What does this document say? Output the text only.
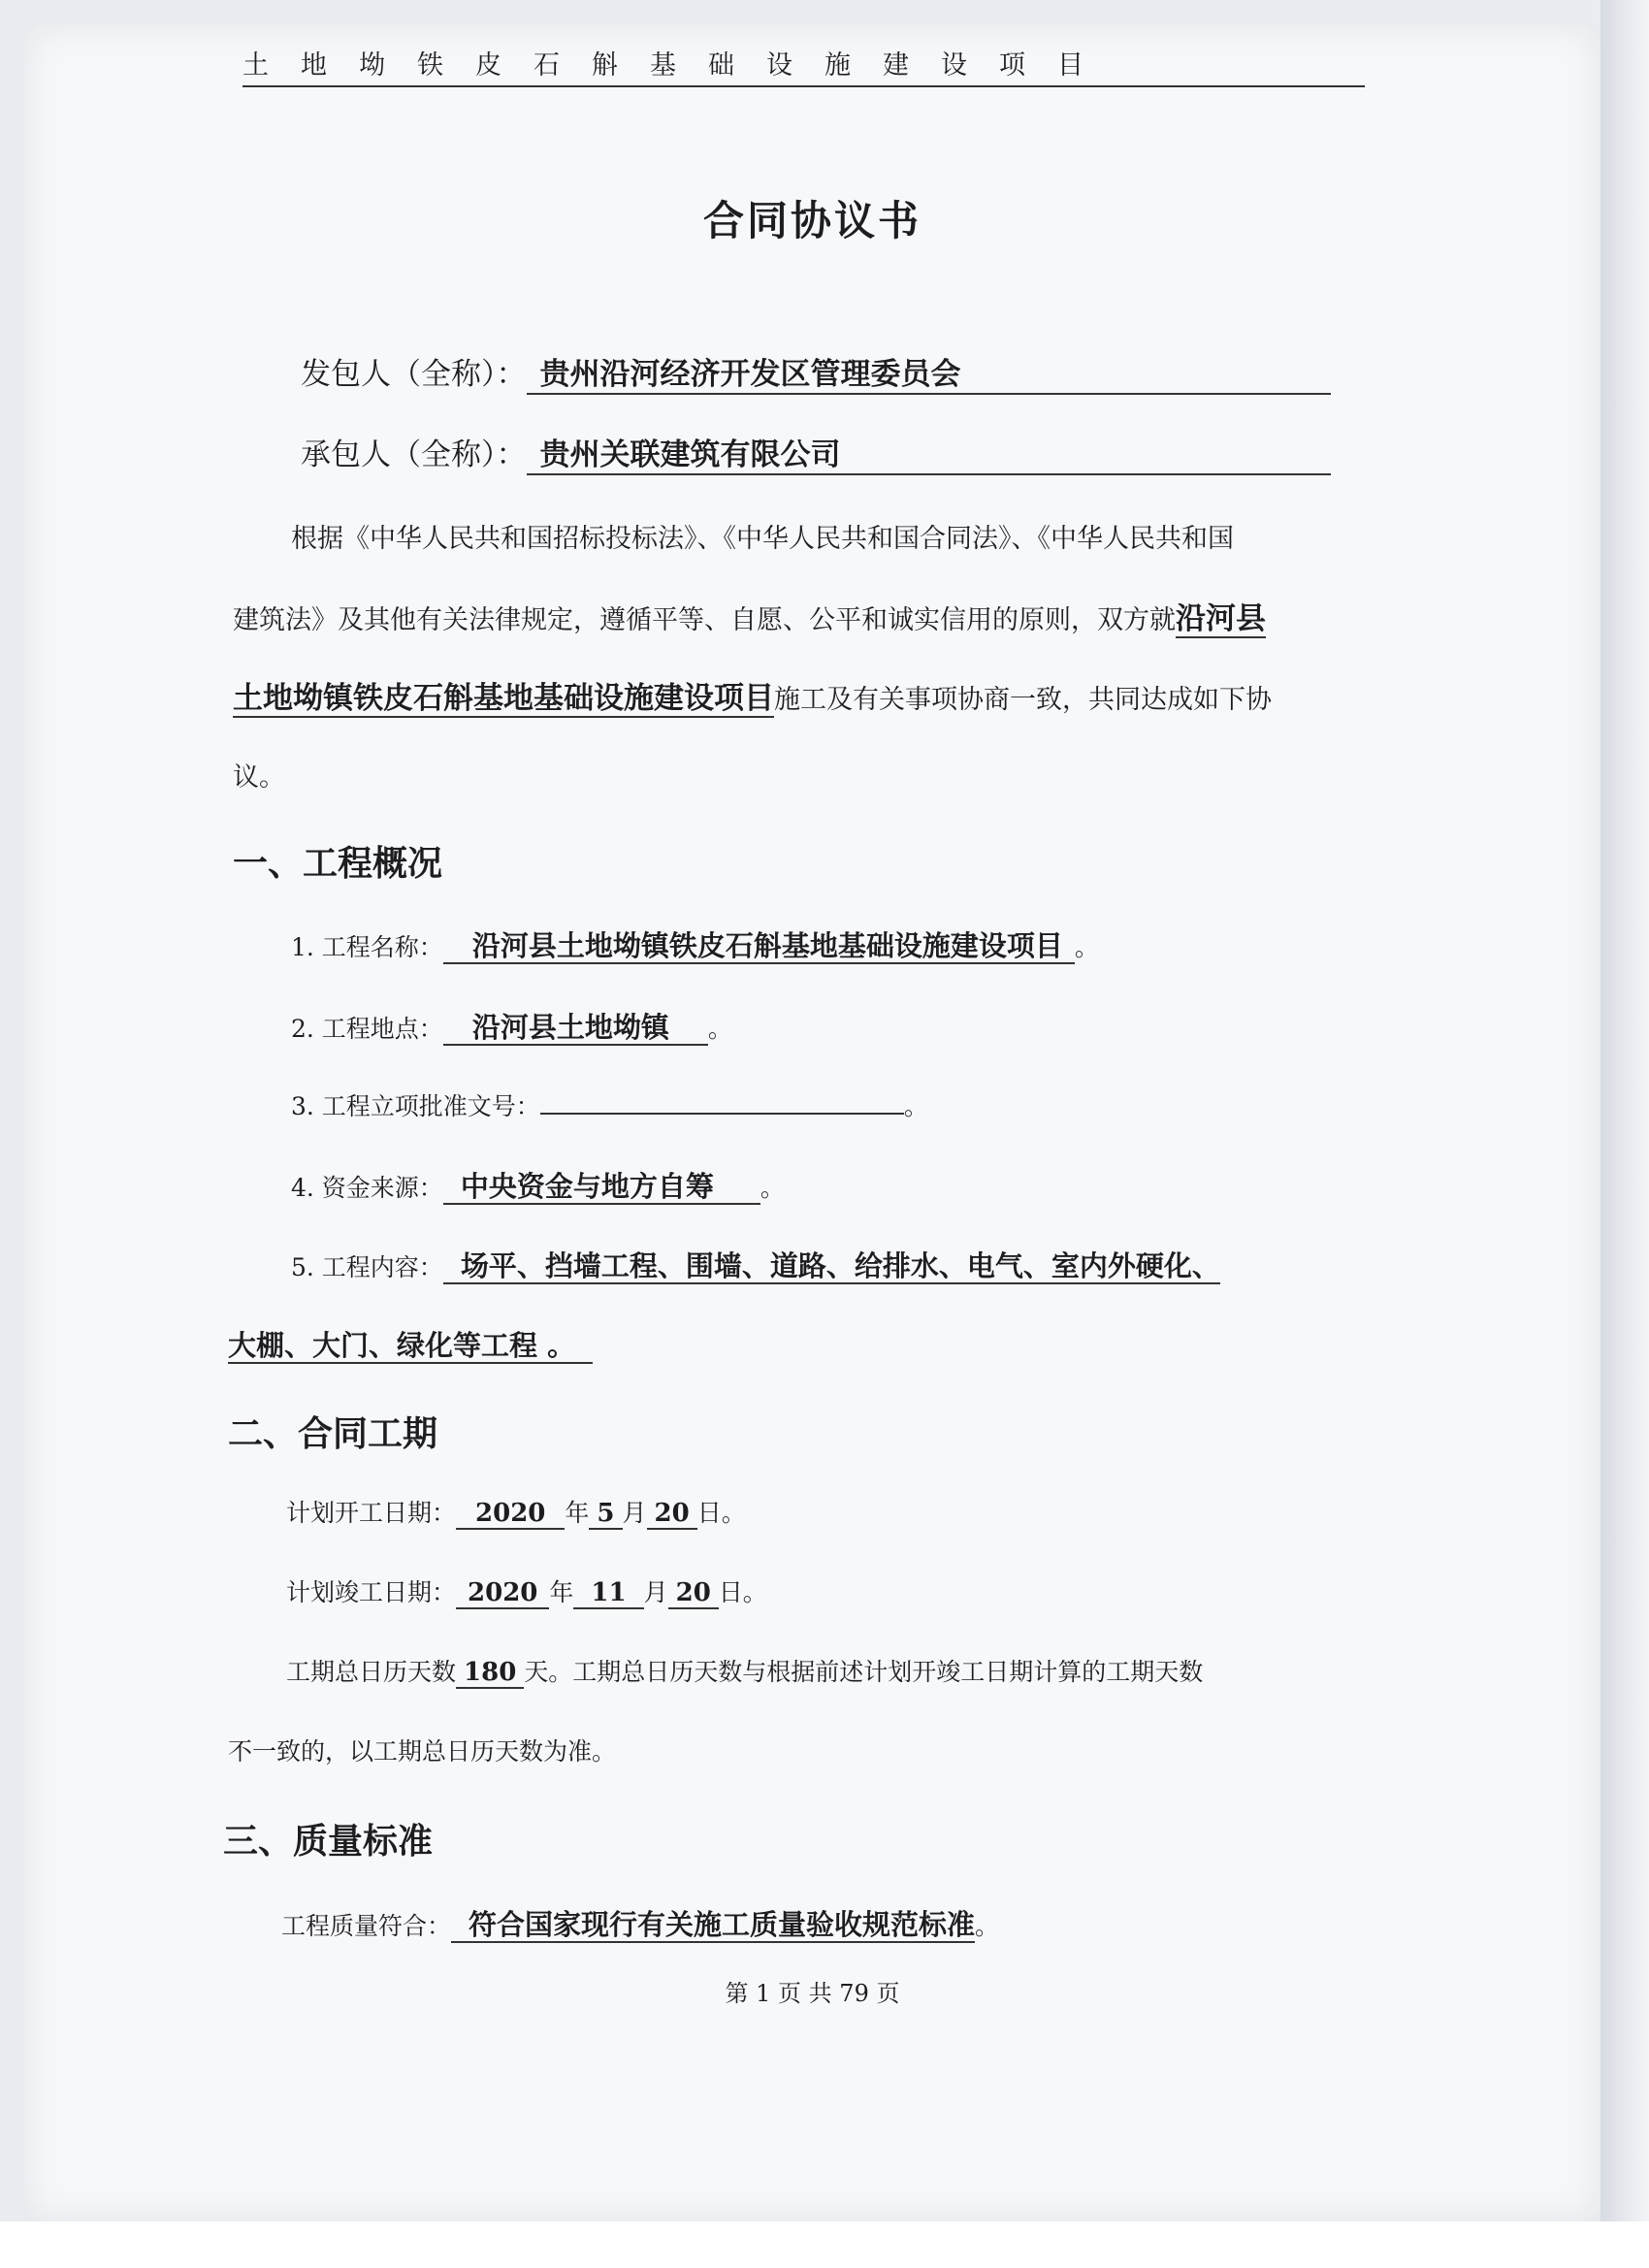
土地坳铁皮石斛基础设施建设项目
合同协议书
发包人（全称）： 贵州沿河经济开发区管理委员会
承包人（全称）： 贵州关联建筑有限公司
根据《中华人民共和国招标投标法》、《中华人民共和国合同法》、《中华人民共和国
建筑法》及其他有关法律规定，遵循平等、自愿、公平和诚实信用的原则，双方就沿河县
土地坳镇铁皮石斛基地基础设施建设项目施工及有关事项协商一致，共同达成如下协
议。
一、工程概况
1. 工程名称： 沿河县土地坳镇铁皮石斛基地基础设施建设项目 。
2. 工程地点： 沿河县土地坳镇 。
3. 工程立项批准文号：	。
4. 资金来源： 中央资金与地方自筹 。
5. 工程内容： 场平、挡墙工程、围墙、道路、给排水、电气、室内外硬化、
大棚、大门、绿化等工程 。
二、合同工期
计划开工日期： 2020 年 5 月 20 日。
计划竣工日期： 2020 年 11 月 20 日。
工期总日历天数 180 天。工期总日历天数与根据前述计划开竣工日期计算的工期天数
不一致的，以工期总日历天数为准。
三、质量标准
工程质量符合： 符合国家现行有关施工质量验收规范标准。
第 1 页 共 79 页
